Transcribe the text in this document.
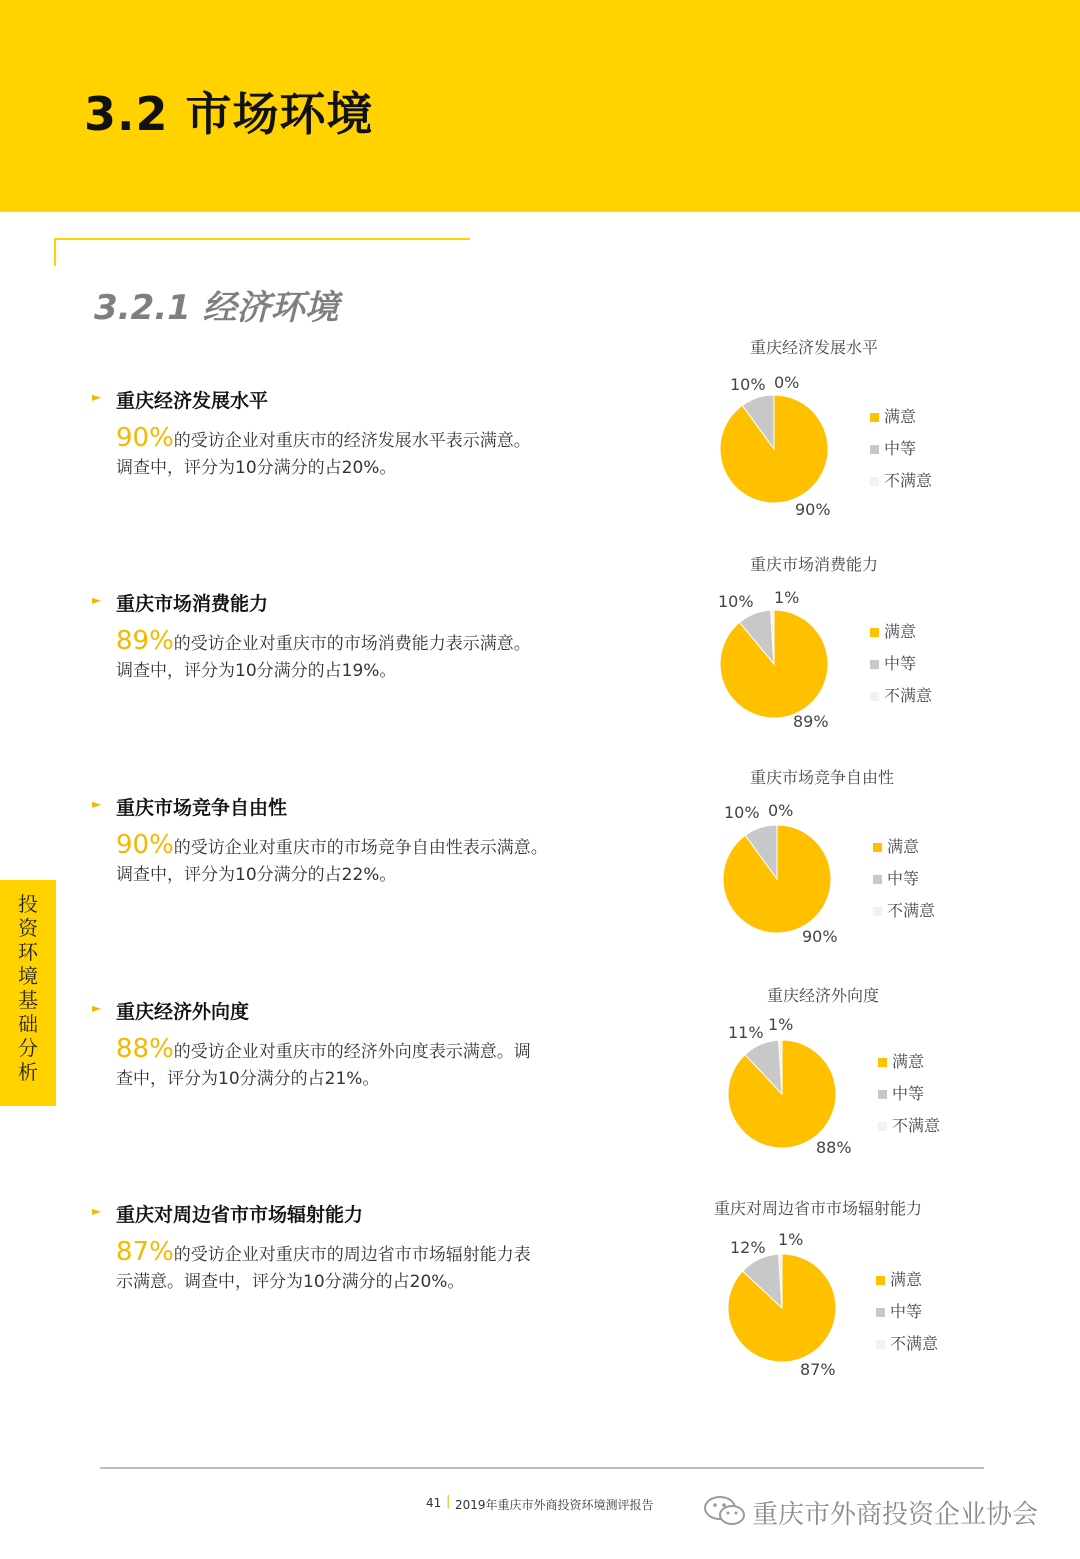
3.2 市场环境
3.2.1 经济环境
► 重庆经济发展水平
90%的受访企业对重庆市的经济发展水平表示满意。
调查中，评分为10分满分的占20%。
► 重庆市场消费能力
89%的受访企业对重庆市的市场消费能力表示满意。
调查中，评分为10分满分的占19%。
► 重庆市场竞争自由性
90%的受访企业对重庆市的市场竞争自由性表示满意。
调查中，评分为10分满分的占22%。
► 重庆经济外向度
88%的受访企业对重庆市的经济外向度表示满意。调
查中，评分为10分满分的占21%。
► 重庆对周边省市市场辐射能力
87%的受访企业对重庆市的周边省市市场辐射能力表
示满意。调查中，评分为10分满分的占20%。
投
资
环
境
基
础
分
析
重庆经济发展水平
10% 0%
90%
满意
中等
不满意
重庆市场消费能力
10% 1%
89%
满意
中等
不满意
重庆市场竞争自由性
10% 0%
90%
满意
中等
不满意
重庆经济外向度
11% 1%
88%
满意
中等
不满意
重庆对周边省市市场辐射能力
12% 1%
87%
满意
中等
不满意
41 | 2019年重庆市外商投资环境测评报告	重庆市外商投资企业协会
